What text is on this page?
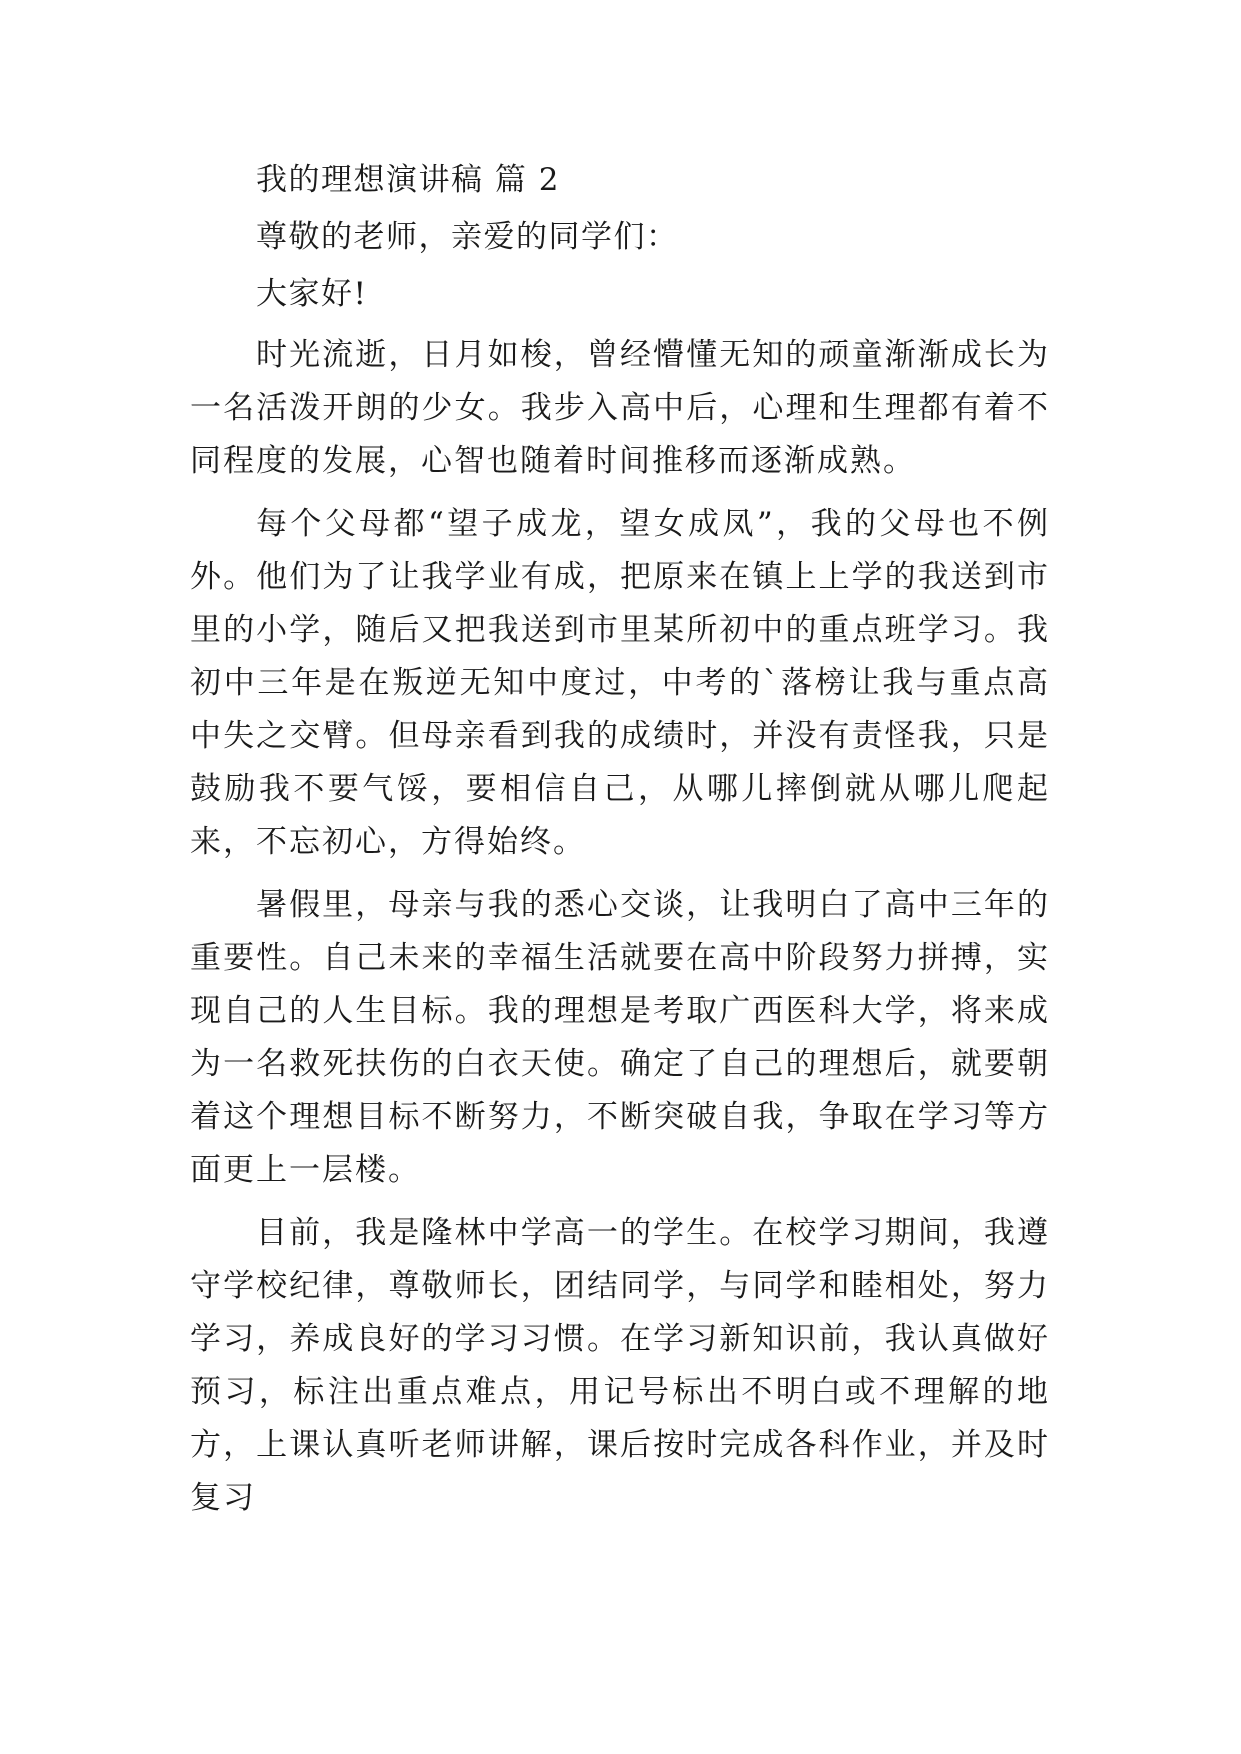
我的理想演讲稿 篇 2

尊敬的老师，亲爱的同学们：

大家好!

时光流逝，日月如梭，曾经懵懂无知的顽童渐渐成长为一名活泼开朗的少女。我步入高中后，心理和生理都有着不同程度的发展，心智也随着时间推移而逐渐成熟。

每个父母都“望子成龙，望女成凤”，我的父母也不例外。他们为了让我学业有成，把原来在镇上上学的我送到市里的小学，随后又把我送到市里某所初中的重点班学习。我初中三年是在叛逆无知中度过，中考的`落榜让我与重点高中失之交臂。但母亲看到我的成绩时，并没有责怪我，只是鼓励我不要气馁，要相信自己，从哪儿摔倒就从哪儿爬起来，不忘初心，方得始终。

暑假里，母亲与我的悉心交谈，让我明白了高中三年的重要性。自己未来的幸福生活就要在高中阶段努力拼搏，实现自己的人生目标。我的理想是考取广西医科大学，将来成为一名救死扶伤的白衣天使。确定了自己的理想后，就要朝着这个理想目标不断努力，不断突破自我，争取在学习等方面更上一层楼。

目前，我是隆林中学高一的学生。在校学习期间，我遵守学校纪律，尊敬师长，团结同学，与同学和睦相处，努力学习，养成良好的学习习惯。在学习新知识前，我认真做好预习，标注出重点难点，用记号标出不明白或不理解的地方，上课认真听老师讲解，课后按时完成各科作业，并及时复习
